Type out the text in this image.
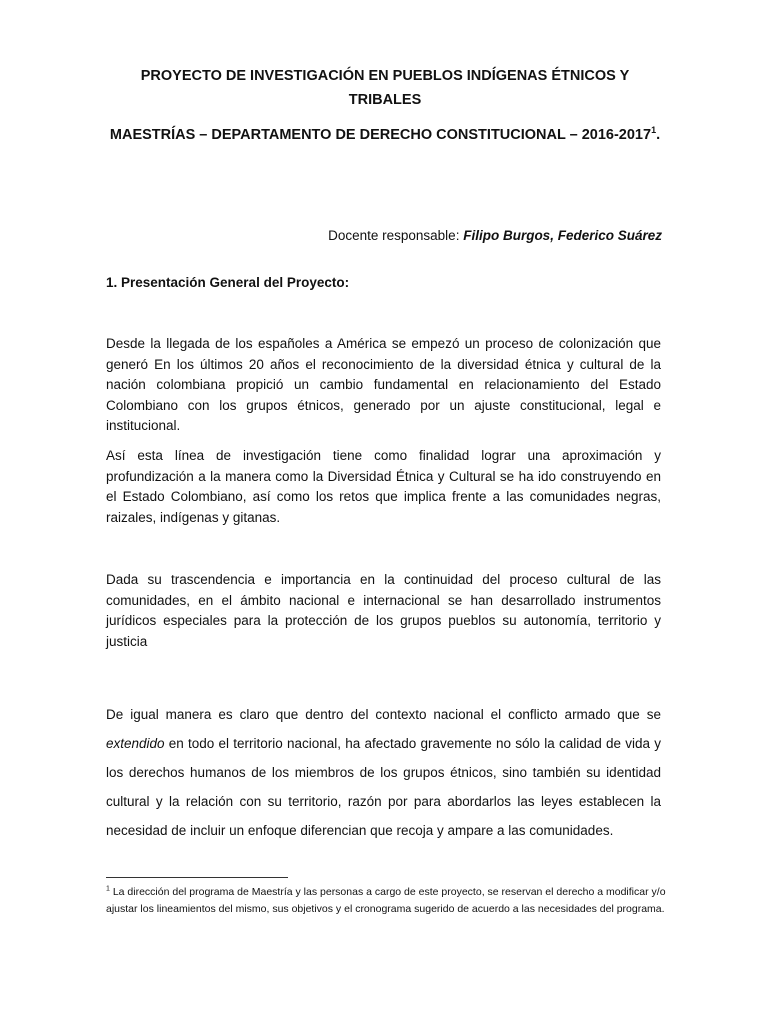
PROYECTO DE INVESTIGACIÓN EN PUEBLOS INDÍGENAS ÉTNICOS Y TRIBALES
MAESTRÍAS – DEPARTAMENTO DE DERECHO CONSTITUCIONAL – 2016-2017$^1$.

Docente responsable: Filipo Burgos, Federico Suárez

1. Presentación General del Proyecto:

Desde la llegada de los españoles a América se empezó un proceso de colonización que generó En los últimos 20 años el reconocimiento de la diversidad étnica y cultural de la nación colombiana propició un cambio fundamental en relacionamiento del Estado Colombiano con los grupos étnicos, generado por un ajuste constitucional, legal e institucional.

Así esta línea de investigación tiene como finalidad lograr una aproximación y profundización a la manera como la Diversidad Étnica y Cultural se ha ido construyendo en el Estado Colombiano, así como los retos que implica frente a las comunidades negras, raizales, indígenas y gitanas.

Dada su trascendencia e importancia en la continuidad del proceso cultural de las comunidades, en el ámbito nacional e internacional se han desarrollado instrumentos jurídicos especiales para la protección de los grupos pueblos su autonomía, territorio y justicia

De igual manera es claro que dentro del contexto nacional el conflicto armado que se extendido en todo el territorio nacional, ha afectado gravemente no sólo la calidad de vida y los derechos humanos de los miembros de los grupos étnicos, sino también su identidad cultural y la relación con su territorio, razón por para abordarlos las leyes establecen la necesidad de incluir un enfoque diferencian que recoja y ampare a las comunidades.

$^1$ La dirección del programa de Maestría y las personas a cargo de este proyecto, se reservan el derecho a modificar y/o ajustar los lineamientos del mismo, sus objetivos y el cronograma sugerido de acuerdo a las necesidades del programa.
